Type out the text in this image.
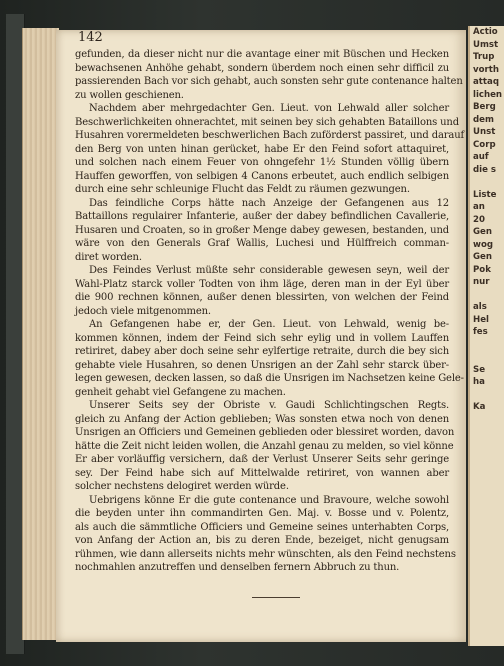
Actio
Umst
Trup
vorth
attaq
lichen
Berg
dem
Unst
Corp
auf
die s

Liste
an
20
Gen
wog
Gen
Pok
nur

als
Hel
fes

Se
ha

Ka
142
gefunden, da dieser nicht nur die avantage einer mit Büschen und Hecken
bewachsenen Anhöhe gehabt, sondern überdem noch einen sehr difficil zu
passierenden Bach vor sich gehabt, auch sonsten sehr gute contenance halten
zu wollen geschienen.
Nachdem aber mehrgedachter Gen. Lieut. von Lehwald aller solcher
Beschwerlichkeiten ohnerachtet, mit seinen bey sich gehabten Bataillons und
Husahren vorermeldeten beschwerlichen Bach zuförderst passiret, und darauf
den Berg von unten hinan gerücket, habe Er den Feind sofort attaquiret,
und solchen nach einem Feuer von ohngefehr 1½ Stunden völlig übern
Hauffen geworffen, von selbigen 4 Canons erbeutet, auch endlich selbigen
durch eine sehr schleunige Flucht das Feldt zu räumen gezwungen.
Das feindliche Corps hätte nach Anzeige der Gefangenen aus 12
Battaillons regulairer Infanterie, außer der dabey befindlichen Cavallerie,
Husaren und Croaten, so in großer Menge dabey gewesen, bestanden, und
wäre von den Generals Graf Wallis, Luchesi und Hülffreich comman-
diret worden.
Des Feindes Verlust müßte sehr considerable gewesen seyn, weil der
Wahl-Platz starck voller Todten von ihm läge, deren man in der Eyl über
die 900 rechnen können, außer denen blessirten, von welchen der Feind
jedoch viele mitgenommen.
An Gefangenen habe er, der Gen. Lieut. von Lehwald, wenig be-
kommen können, indem der Feind sich sehr eylig und in vollem Lauffen
retiriret, dabey aber doch seine sehr eylfertige retraite, durch die bey sich
gehabte viele Husahren, so denen Unsrigen an der Zahl sehr starck über-
legen gewesen, decken lassen, so daß die Unsrigen im Nachsetzen keine Gele-
genheit gehabt viel Gefangene zu machen.
Unserer Seits sey der Obriste v. Gaudi Schlichtingschen Regts.
gleich zu Anfang der Action geblieben; Was sonsten etwa noch von denen
Unsrigen an Officiers und Gemeinen geblieden oder blessiret worden, davon
hätte die Zeit nicht leiden wollen, die Anzahl genau zu melden, so viel könne
Er aber vorläuffig versichern, daß der Verlust Unserer Seits sehr geringe
sey. Der Feind habe sich auf Mittelwalde retiriret, von wannen aber
solcher nechstens delogiret werden würde.
Uebrigens könne Er die gute contenance und Bravoure, welche sowohl
die beyden unter ihn commandirten Gen. Maj. v. Bosse und v. Polentz,
als auch die sämmtliche Officiers und Gemeine seines unterhabten Corps,
von Anfang der Action an, bis zu deren Ende, bezeiget, nicht genugsam
rühmen, wie dann allerseits nichts mehr wünschten, als den Feind nechstens
nochmahlen anzutreffen und denselben fernern Abbruch zu thun.
